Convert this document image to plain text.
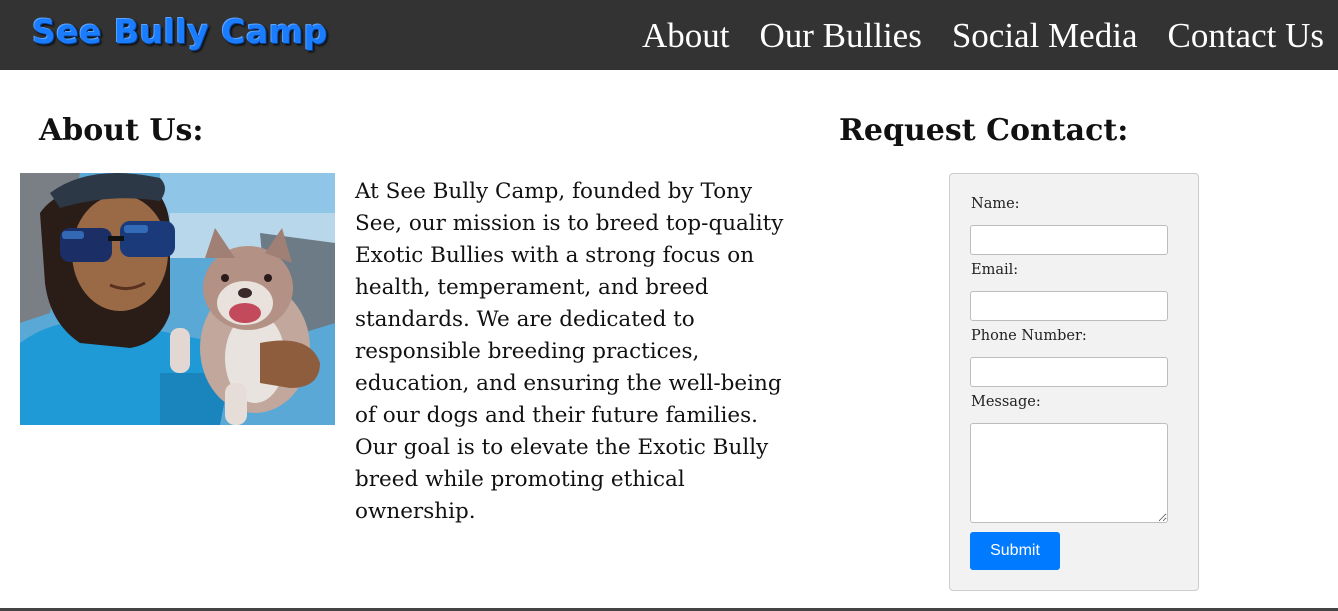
See Bully Camp	About Our Bullies Social Media Contact Us
About Us:

At See Bully Camp, founded by Tony See, our mission is to breed top-quality Exotic Bullies with a strong focus on health, temperament, and breed standards. We are dedicated to responsible breeding practices, education, and ensuring the well-being of our dogs and their future families. Our goal is to elevate the Exotic Bully breed while promoting ethical ownership.

Request Contact:
Name:
Email:
Phone Number:
Message:
Submit
